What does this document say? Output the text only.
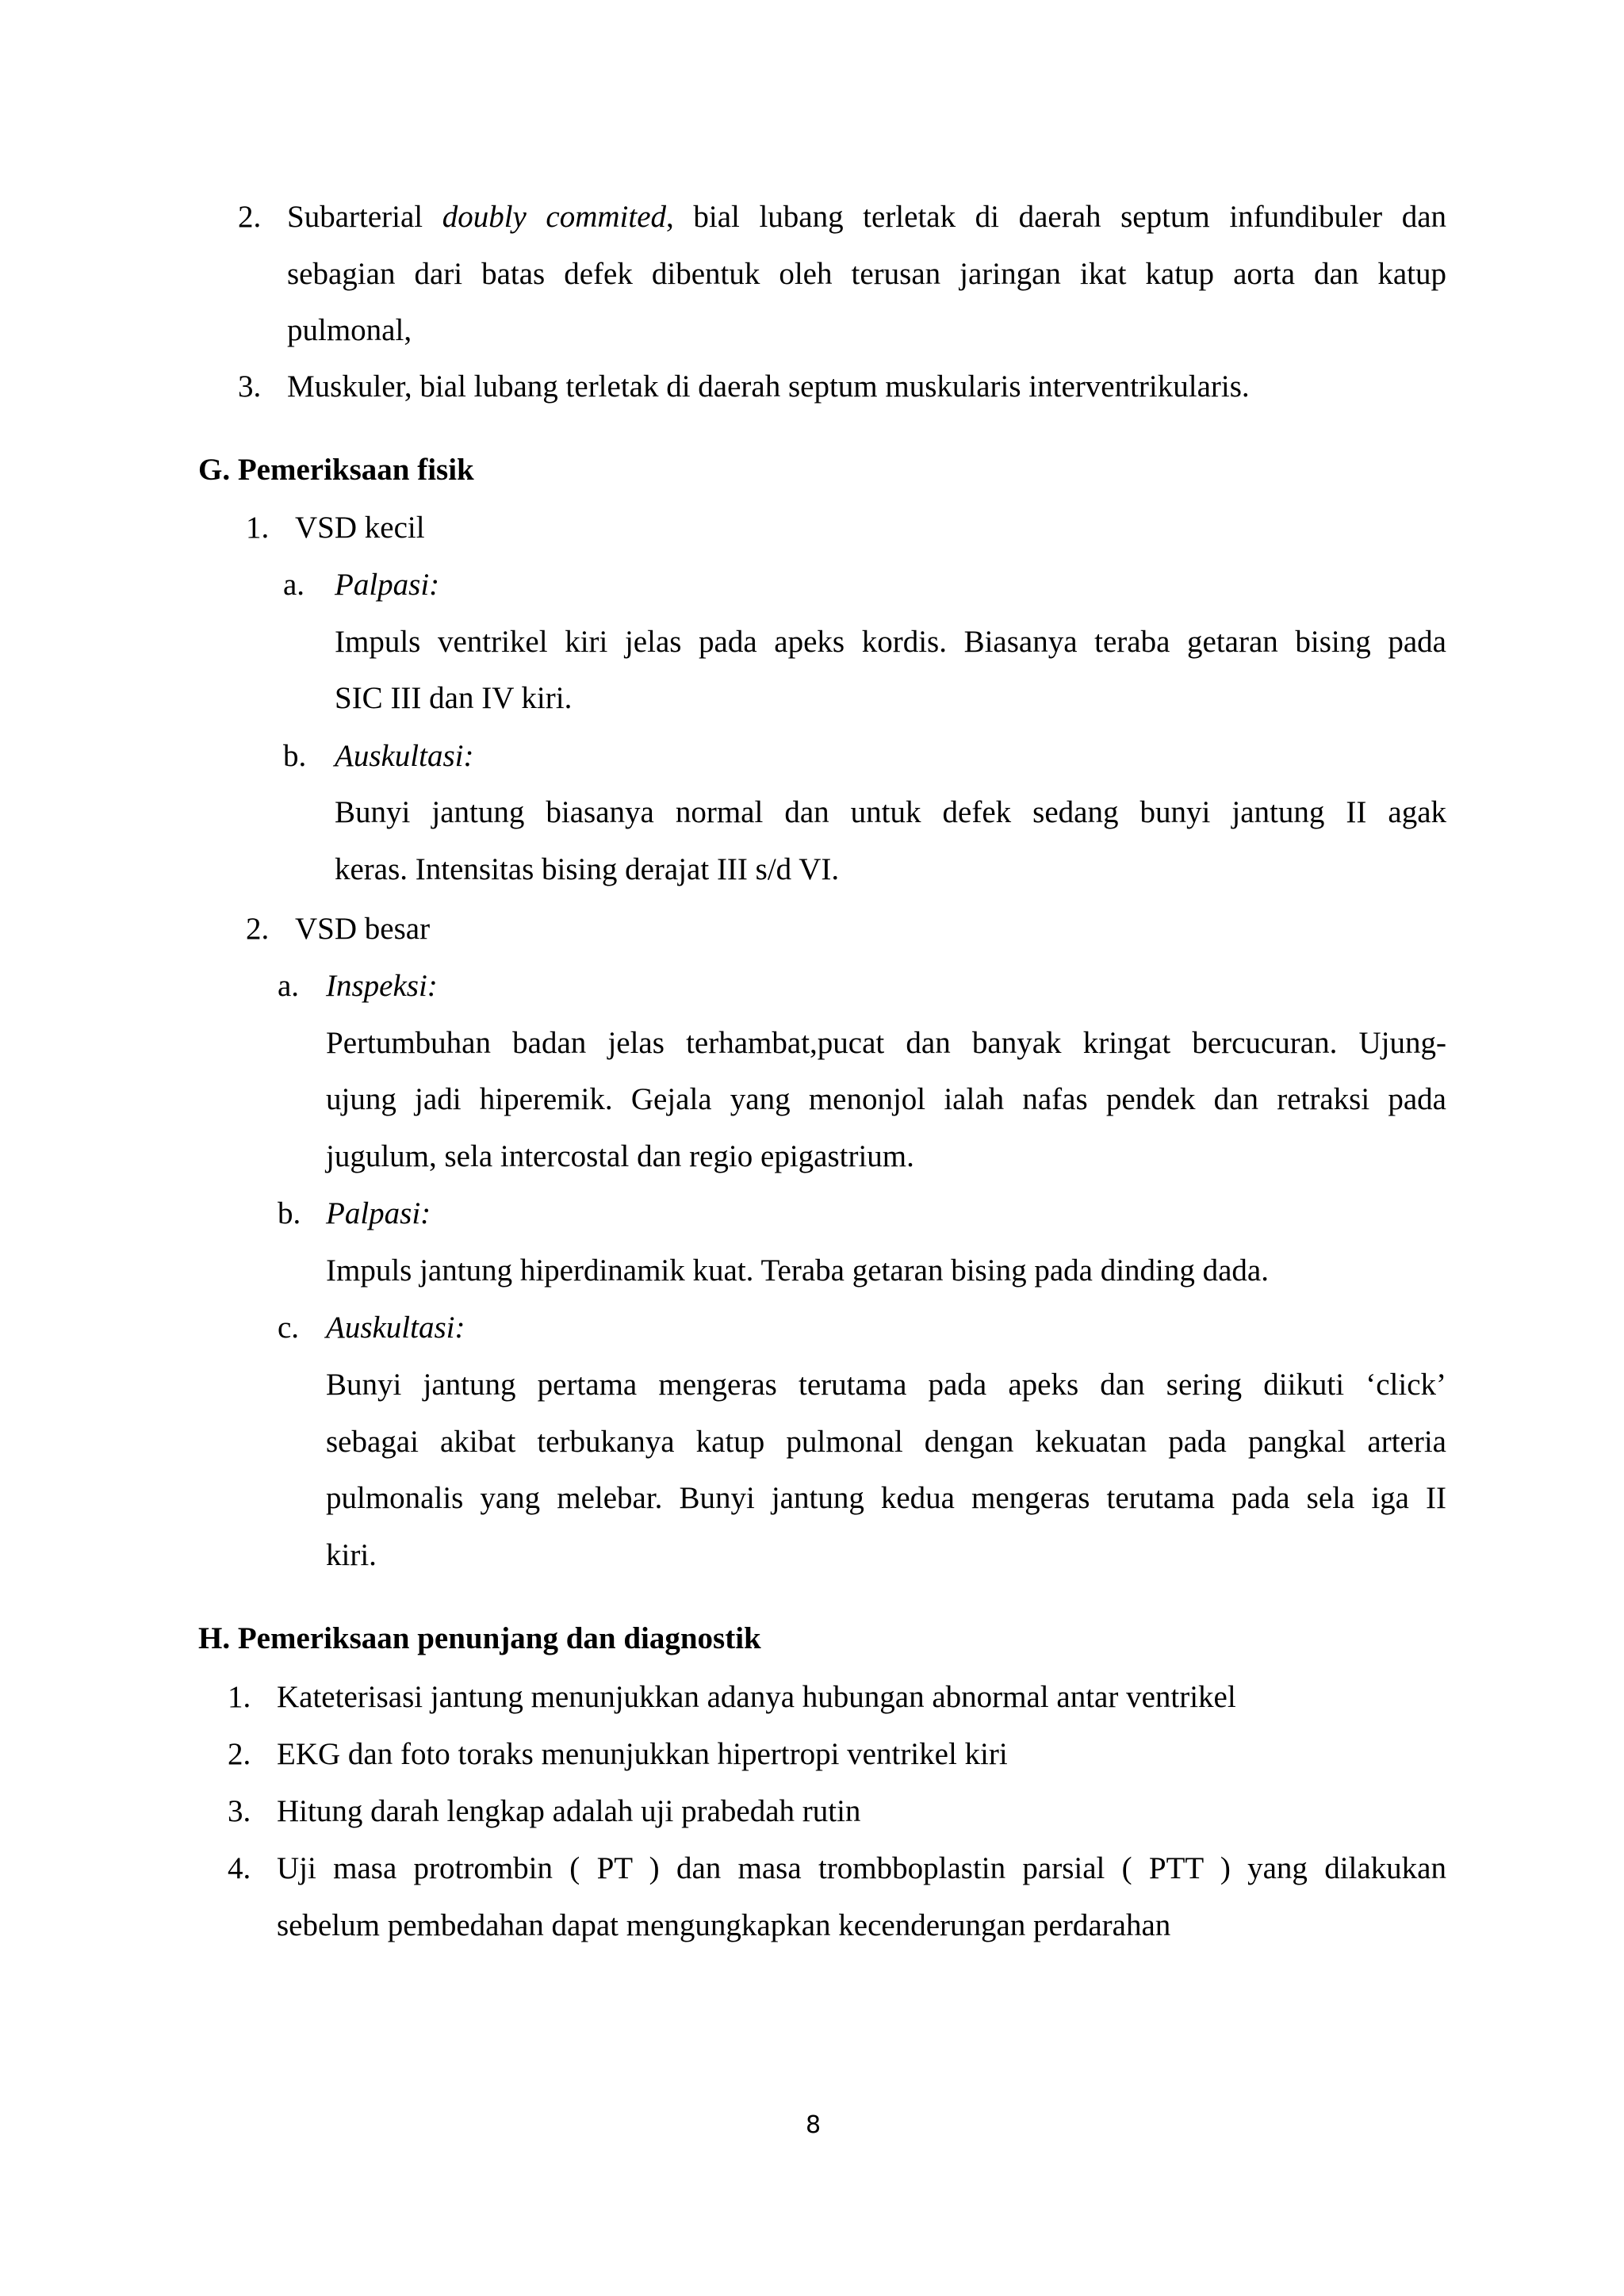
2. Subarterial doubly commited, bial lubang terletak di daerah septum infundibuler dan
sebagian dari batas defek dibentuk oleh terusan jaringan ikat katup aorta dan katup
pulmonal,
3. Muskuler, bial lubang terletak di daerah septum muskularis interventrikularis.
G. Pemeriksaan fisik
1. VSD kecil
a. Palpasi:
Impuls ventrikel kiri jelas pada apeks kordis. Biasanya teraba getaran bising pada
SIC III dan IV kiri.
b. Auskultasi:
Bunyi jantung biasanya normal dan untuk defek sedang bunyi jantung II agak
keras. Intensitas bising derajat III s/d VI.
2. VSD besar
a. Inspeksi:
Pertumbuhan badan jelas terhambat,pucat dan banyak kringat bercucuran. Ujung-
ujung jadi hiperemik. Gejala yang menonjol ialah nafas pendek dan retraksi pada
jugulum, sela intercostal dan regio epigastrium.
b. Palpasi:
Impuls jantung hiperdinamik kuat. Teraba getaran bising pada dinding dada.
c. Auskultasi:
Bunyi jantung pertama mengeras terutama pada apeks dan sering diikuti ‘click’
sebagai akibat terbukanya katup pulmonal dengan kekuatan pada pangkal arteria
pulmonalis yang melebar. Bunyi jantung kedua mengeras terutama pada sela iga II
kiri.
H. Pemeriksaan penunjang dan diagnostik
1. Kateterisasi jantung menunjukkan adanya hubungan abnormal antar ventrikel
2. EKG dan foto toraks menunjukkan hipertropi ventrikel kiri
3. Hitung darah lengkap adalah uji prabedah rutin
4. Uji masa protrombin ( PT ) dan masa trombboplastin parsial ( PTT ) yang dilakukan
sebelum pembedahan dapat mengungkapkan kecenderungan perdarahan
8
